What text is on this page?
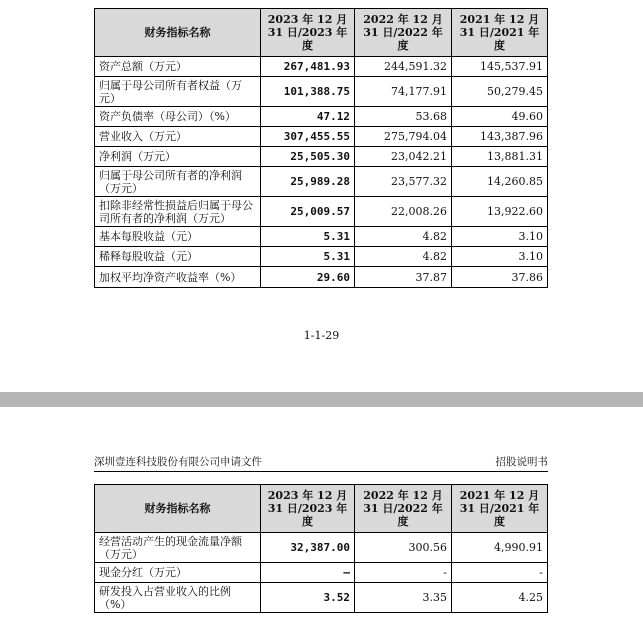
财务指标名称	2023 年 12 月 31 日/2023 年度	2022 年 12 月 31 日/2022 年度	2021 年 12 月 31 日/2021 年度
资产总额（万元）	267,481.93	244,591.32	145,537.91
归属于母公司所有者权益（万元）	101,388.75	74,177.91	50,279.45
资产负债率（母公司）（%）	47.12	53.68	49.60
营业收入（万元）	307,455.55	275,794.04	143,387.96
净利润（万元）	25,505.30	23,042.21	13,881.31
归属于母公司所有者的净利润（万元）	25,989.28	23,577.32	14,260.85
扣除非经常性损益后归属于母公司所有者的净利润（万元）	25,009.57	22,008.26	13,922.60
基本每股收益（元）	5.31	4.82	3.10
稀释每股收益（元）	5.31	4.82	3.10
加权平均净资产收益率（%）	29.60	37.87	37.86
1-1-29
深圳壹连科技股份有限公司申请文件	招股说明书
财务指标名称	2023 年 12 月 31 日/2023 年度	2022 年 12 月 31 日/2022 年度	2021 年 12 月 31 日/2021 年度
经营活动产生的现金流量净额（万元）	32,387.00	300.56	4,990.91
现金分红（万元）	–	-	-
研发投入占营业收入的比例（%）	3.52	3.35	4.25
